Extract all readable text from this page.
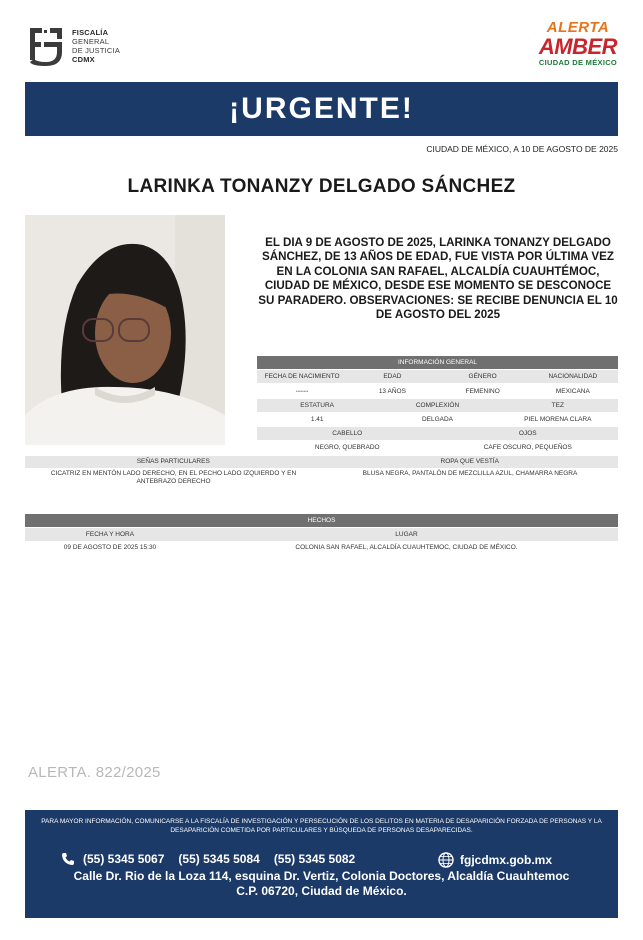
FISCALÍA
GENERAL
DE JUSTICIA
CDMX
ALERTA
AMBER
CIUDAD DE MÉXICO
¡URGENTE!
CIUDAD DE MÉXICO, A 10 DE AGOSTO DE 2025
LARINKA TONANZY DELGADO SÁNCHEZ
EL DIA 9 DE AGOSTO DE 2025, LARINKA TONANZY DELGADO SÁNCHEZ, DE 13 AÑOS DE EDAD, FUE VISTA POR ÚLTIMA VEZ EN LA COLONIA SAN RAFAEL, ALCALDÍA CUAUHTÉMOC, CIUDAD DE MÉXICO, DESDE ESE MOMENTO SE DESCONOCE SU PARADERO. OBSERVACIONES: SE RECIBE DENUNCIA EL 10 DE AGOSTO DEL 2025
INFORMACIÓN GENERAL
FECHA DE NACIMIENTO	EDAD	GÉNERO	NACIONALIDAD
********	13 AÑOS	FEMENINO	MEXICANA
ESTATURA	COMPLEXIÓN	TEZ
1.41	DELGADA	PIEL MORENA CLARA
CABELLO	OJOS
NEGRO, QUEBRADO	CAFE OSCURO, PEQUEÑOS
SEÑAS PARTICULARES	ROPA QUE VESTÍA
CICATRIZ EN MENTÓN LADO DERECHO, EN EL PECHO LADO IZQUIERDO Y EN ANTEBRAZO DERECHO
BLUSA NEGRA, PANTALÓN DE MEZCLILLA AZUL, CHAMARRA NEGRA
HECHOS
FECHA Y HORA	LUGAR
09 DE AGOSTO DE 2025 15:30	COLONIA SAN RAFAEL, ALCALDÍA CUAUHTEMOC, CIUDAD DE MÉXICO.
ALERTA. 822/2025
PARA MAYOR INFORMACIÓN, COMUNICARSE A LA FISCALÍA DE INVESTIGACIÓN Y PERSECUCIÓN DE LOS DELITOS EN MATERIA DE DESAPARICIÓN FORZADA DE PERSONAS Y LA DESAPARICIÓN COMETIDA POR PARTICULARES Y BÚSQUEDA DE PERSONAS DESAPARECIDAS.
(55) 5345 5067 (55) 5345 5084 (55) 5345 5082	fgjcdmx.gob.mx
Calle Dr. Rio de la Loza 114, esquina Dr. Vertiz, Colonia Doctores, Alcaldía Cuauhtemoc
C.P. 06720, Ciudad de México.
